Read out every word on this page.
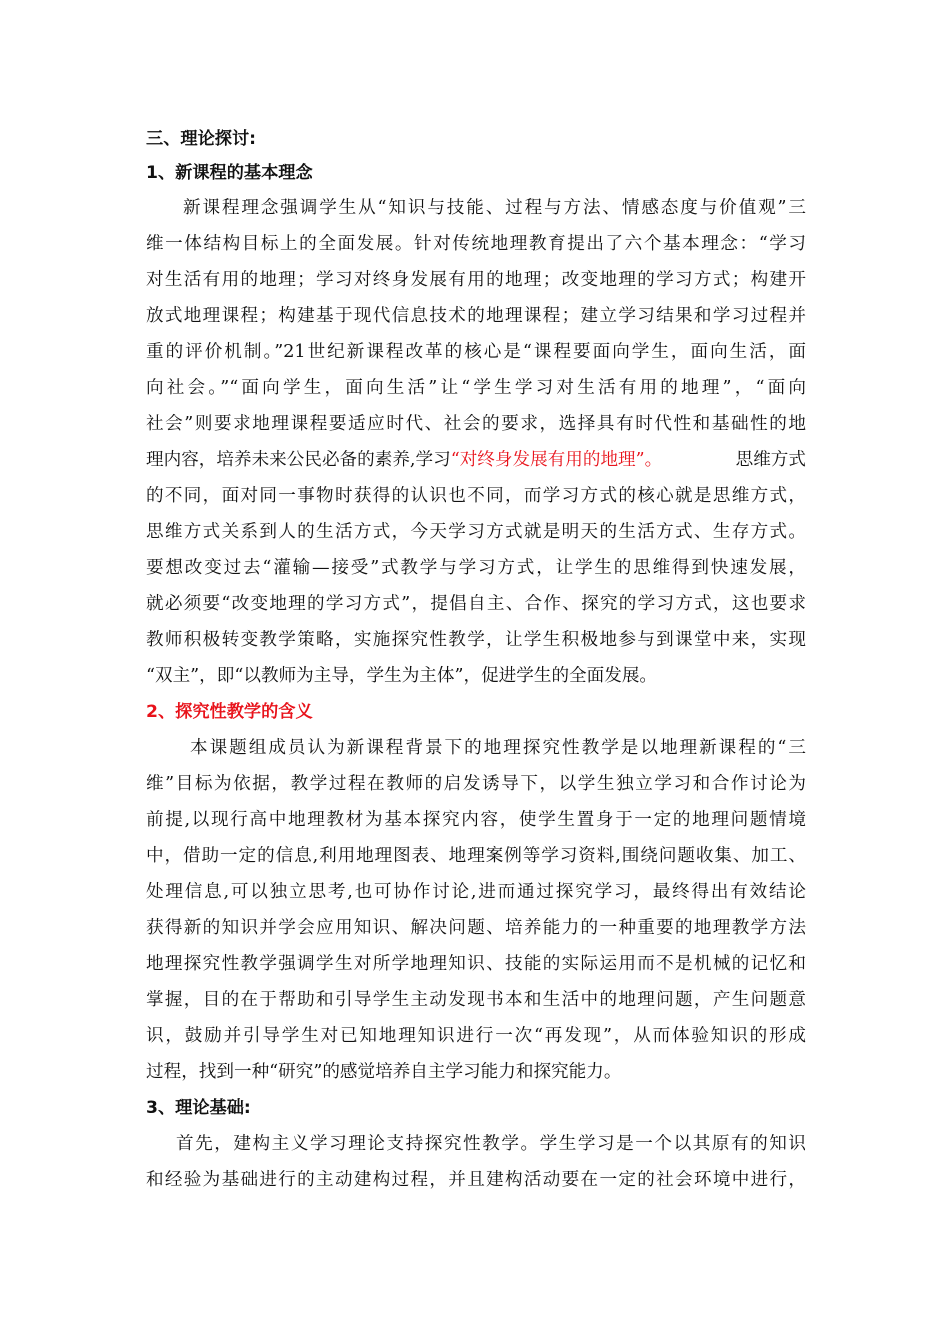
三、理论探讨:
1、新课程的基本理念
新课程理念强调学生从“知识与技能、过程与方法、情感态度与价值观”三
维一体结构目标上的全面发展。针对传统地理教育提出了六个基本理念：“学习
对生活有用的地理；学习对终身发展有用的地理；改变地理的学习方式；构建开
放式地理课程；构建基于现代信息技术的地理课程；建立学习结果和学习过程并
重的评价机制。”21世纪新课程改革的核心是“课程要面向学生，面向生活，面
向社会。”“面向学生，面向生活”让“学生学习对生活有用的地理”，“面向
社会”则要求地理课程要适应时代、社会的要求，选择具有时代性和基础性的地
理内容，培养未来公民必备的素养,学习“对终身发展有用的地理”。	思维方式
的不同，面对同一事物时获得的认识也不同，而学习方式的核心就是思维方式，
思维方式关系到人的生活方式，今天学习方式就是明天的生活方式、生存方式。
要想改变过去“灌输—接受”式教学与学习方式，让学生的思维得到快速发展，
就必须要“改变地理的学习方式”，提倡自主、合作、探究的学习方式，这也要求
教师积极转变教学策略，实施探究性教学，让学生积极地参与到课堂中来，实现
“双主”，即“以教师为主导，学生为主体”，促进学生的全面发展。
2、探究性教学的含义
本课题组成员认为新课程背景下的地理探究性教学是以地理新课程的“三
维”目标为依据，教学过程在教师的启发诱导下，以学生独立学习和合作讨论为
前提,以现行高中地理教材为基本探究内容，使学生置身于一定的地理问题情境
中，借助一定的信息,利用地理图表、地理案例等学习资料,围绕问题收集、加工、
处理信息,可以独立思考,也可协作讨论,进而通过探究学习，最终得出有效结论
获得新的知识并学会应用知识、解决问题、培养能力的一种重要的地理教学方法
地理探究性教学强调学生对所学地理知识、技能的实际运用而不是机械的记忆和
掌握，目的在于帮助和引导学生主动发现书本和生活中的地理问题，产生问题意
识，鼓励并引导学生对已知地理知识进行一次“再发现”，从而体验知识的形成
过程，找到一种“研究”的感觉培养自主学习能力和探究能力。
3、理论基础:
首先，建构主义学习理论支持探究性教学。学生学习是一个以其原有的知识
和经验为基础进行的主动建构过程，并且建构活动要在一定的社会环境中进行，
